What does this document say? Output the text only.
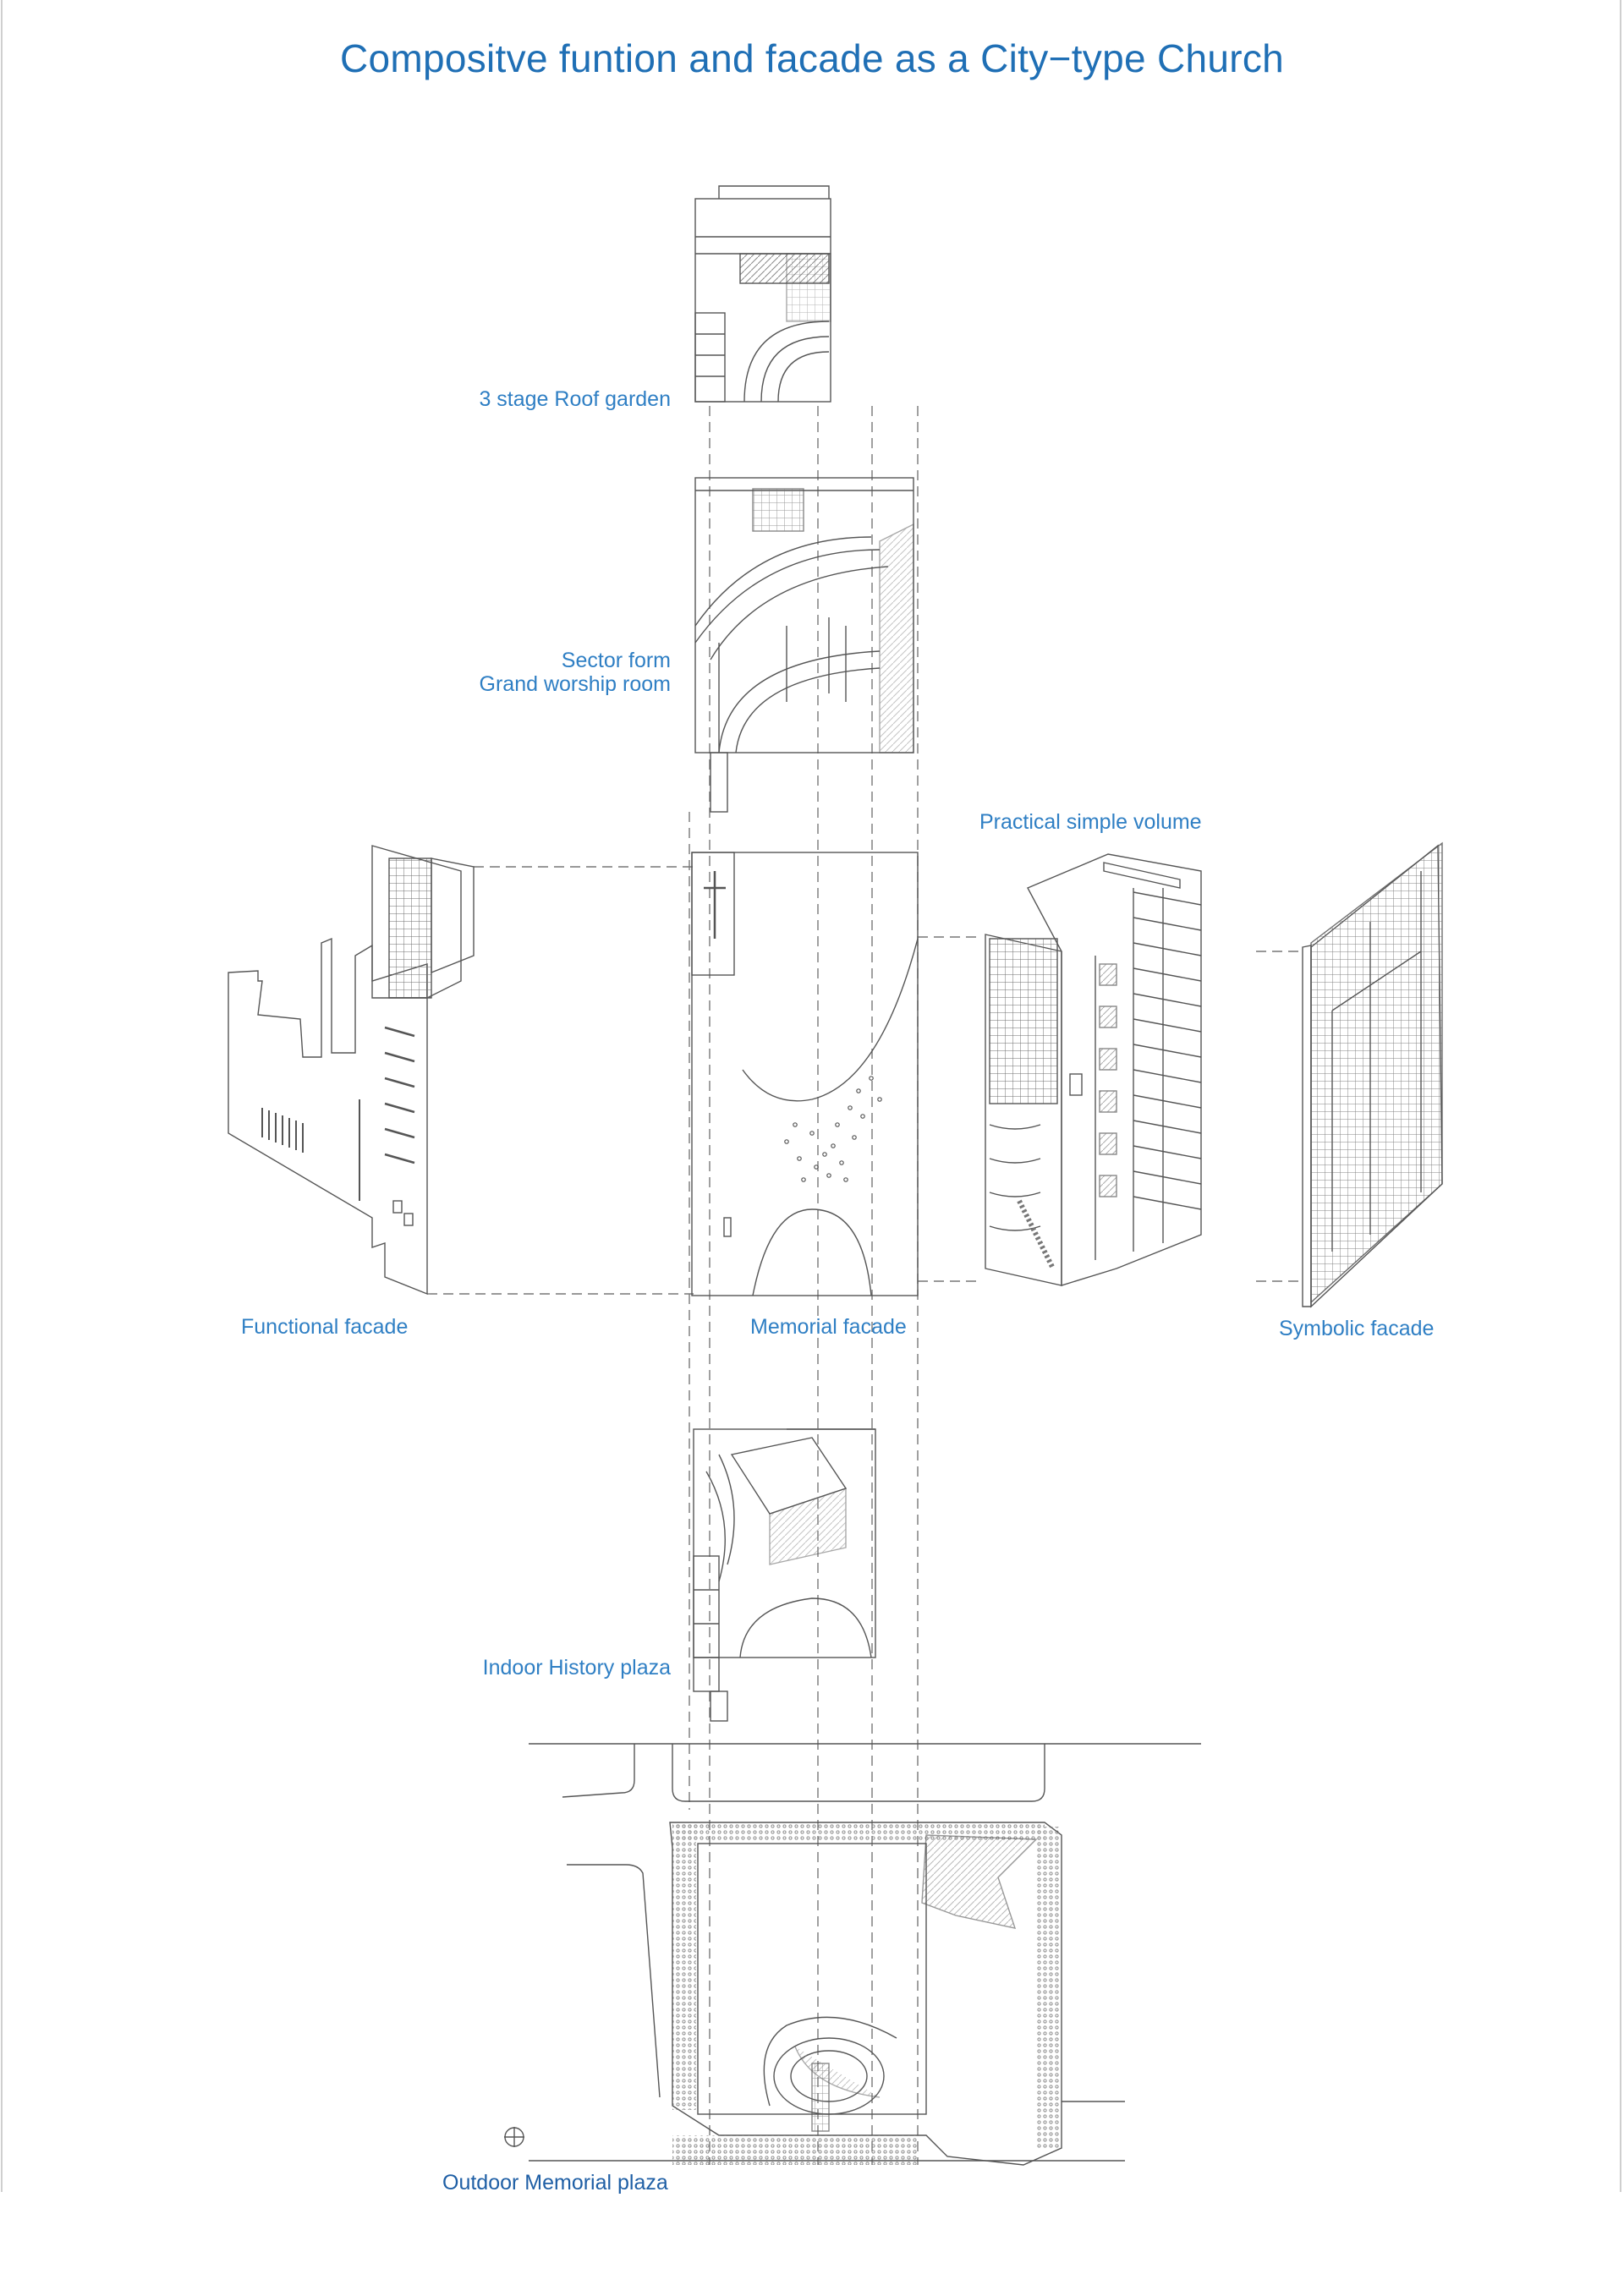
Compositve funtion and facade as a City−type Church
3 stage Roof garden
Sector form
Grand worship room
Practical simple volume
Functional facade	Memorial facade	Symbolic facade
Indoor History plaza
Outdoor Memorial plaza
